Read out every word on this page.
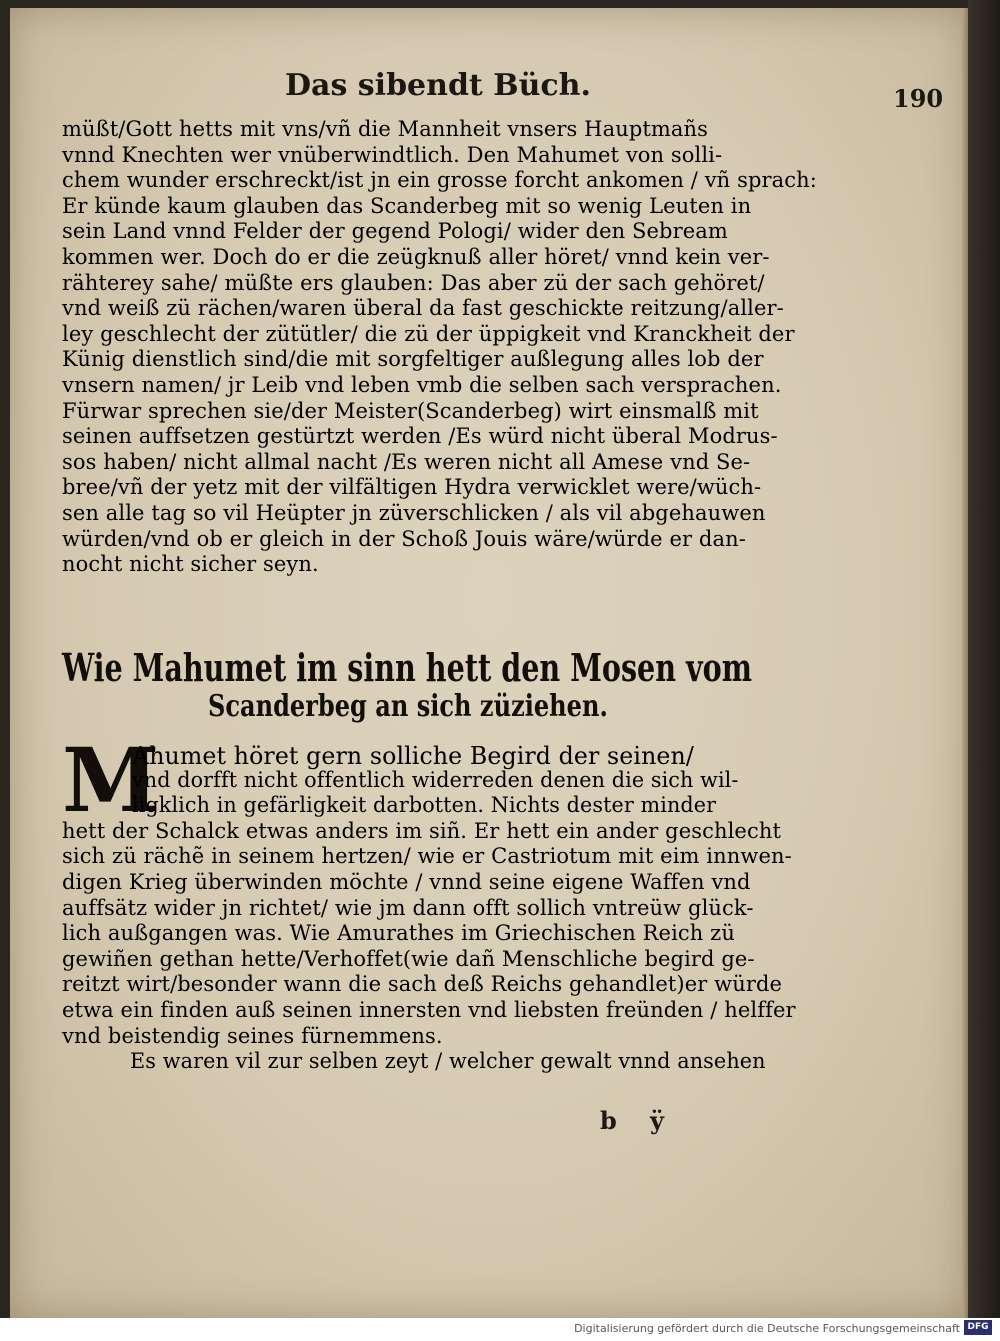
Das sibendt Büch.	190
müßt/Gott hetts mit vns/vñ die Mannheit vnsers Hauptmañs
vnnd Knechten wer vnüberwindtlich. Den Mahumet von solli-
chem wunder erschreckt/ist jn ein grosse forcht ankomen / vñ sprach:
Er künde kaum glauben das Scanderbeg mit so wenig Leuten in
sein Land vnnd Felder der gegend Pologi/ wider den Sebream
kommen wer. Doch do er die zeügknuß aller höret/ vnnd kein ver-
rähterey sahe/ müßte ers glauben: Das aber zü der sach gehöret/
vnd weiß zü rächen/waren überal da fast geschickte reitzung/aller-
ley geschlecht der zütütler/ die zü der üppigkeit vnd Kranckheit der
Künig dienstlich sind/die mit sorgfeltiger außlegung alles lob der
vnsern namen/ jr Leib vnd leben vmb die selben sach versprachen.
Fürwar sprechen sie/der Meister(Scanderbeg) wirt einsmalß mit
seinen auffsetzen gestürtzt werden /Es würd nicht überal Modrus-
sos haben/ nicht allmal nacht /Es weren nicht all Amese vnd Se-
bree/vñ der yetz mit der vilfältigen Hydra verwicklet were/wüch-
sen alle tag so vil Heüpter jn züverschlicken / als vil abgehauwen
würden/vnd ob er gleich in der Schoß Jouis wäre/würde er dan-
nocht nicht sicher seyn.
Wie Mahumet im sinn hett den Mosen vom
Scanderbeg an sich züziehen.
M
Ahumet höret gern solliche Begird der seinen/
vnd dorfft nicht offentlich widerreden denen die sich wil-
ligklich in gefärligkeit darbotten. Nichts dester minder
hett der Schalck etwas anders im siñ. Er hett ein ander geschlecht
sich zü rächẽ in seinem hertzen/ wie er Castriotum mit eim innwen-
digen Krieg überwinden möchte / vnnd seine eigene Waffen vnd
auffsätz wider jn richtet/ wie jm dann offt sollich vntreüw glück-
lich außgangen was. Wie Amurathes im Griechischen Reich zü
gewiñen gethan hette/Verhoffet(wie dañ Menschliche begird ge-
reitzt wirt/besonder wann die sach deß Reichs gehandlet)er würde
etwa ein finden auß seinen innersten vnd liebsten freünden / helffer
vnd beistendig seines fürnemmens.
Es waren vil zur selben zeyt / welcher gewalt vnnd ansehen
b ÿ
Digitalisierung gefördert durch die Deutsche Forschungsgemeinschaft DFG
